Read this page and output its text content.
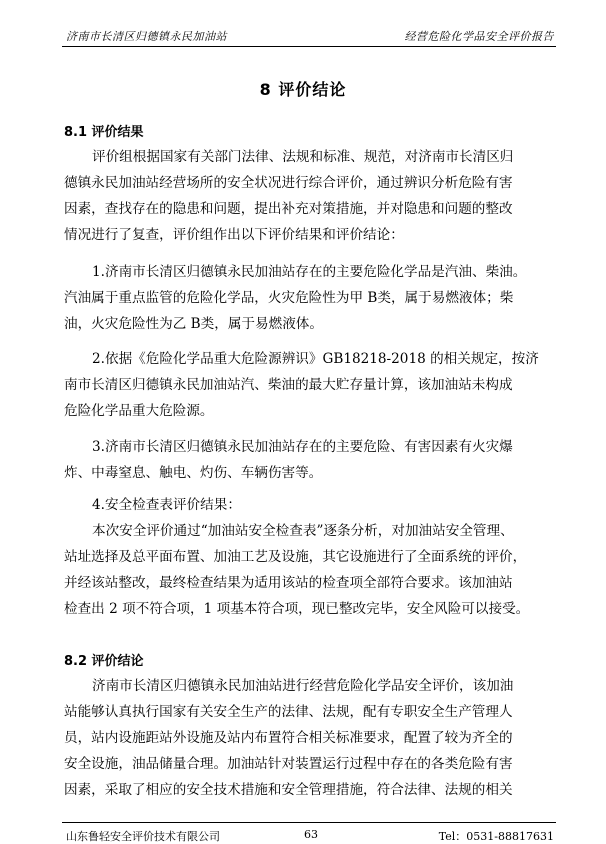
济南市长清区归德镇永民加油站	经营危险化学品安全评价报告
8 评价结论
8.1 评价结果
评价组根据国家有关部门法律、法规和标准、规范，对济南市长清区归
德镇永民加油站经营场所的安全状况进行综合评价，通过辨识分析危险有害
因素，查找存在的隐患和问题，提出补充对策措施，并对隐患和问题的整改
情况进行了复查，评价组作出以下评价结果和评价结论：
1.济南市长清区归德镇永民加油站存在的主要危险化学品是汽油、柴油。
汽油属于重点监管的危险化学品，火灾危险性为甲 B类，属于易燃液体；柴
油，火灾危险性为乙 B类，属于易燃液体。
2.依据《危险化学品重大危险源辨识》GB18218-2018 的相关规定，按济
南市长清区归德镇永民加油站汽、柴油的最大贮存量计算，该加油站未构成
危险化学品重大危险源。
3.济南市长清区归德镇永民加油站存在的主要危险、有害因素有火灾爆
炸、中毒窒息、触电、灼伤、车辆伤害等。
4.安全检查表评价结果：
本次安全评价通过“加油站安全检查表”逐条分析，对加油站安全管理、
站址选择及总平面布置、加油工艺及设施，其它设施进行了全面系统的评价，
并经该站整改，最终检查结果为适用该站的检查项全部符合要求。该加油站
检查出 2 项不符合项，1 项基本符合项，现已整改完毕，安全风险可以接受。
8.2 评价结论
济南市长清区归德镇永民加油站进行经营危险化学品安全评价，该加油
站能够认真执行国家有关安全生产的法律、法规，配有专职安全生产管理人
员，站内设施距站外设施及站内布置符合相关标准要求，配置了较为齐全的
安全设施，油品储量合理。加油站针对装置运行过程中存在的各类危险有害
因素，采取了相应的安全技术措施和安全管理措施，符合法律、法规的相关
山东鲁轻安全评价技术有限公司	63	Tel：0531-88817631
